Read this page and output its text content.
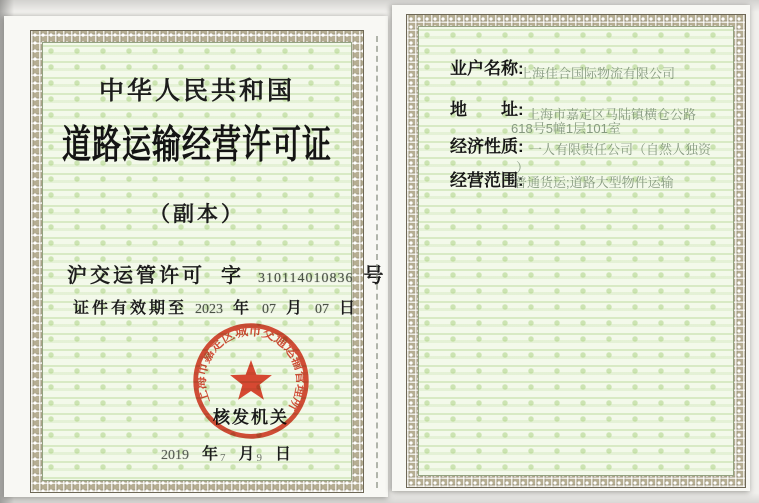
中华人民共和国
道路运输经营许可证
（副本）
沪交运管许可 字 310114010836 号
证件有效期至 2023 年 07 月 07 日
核发机关
2019 年 7 月 9 日
上海市嘉定区城市交通运输管理所
业户名称:
上海佳合国际物流有限公司
地　　址: 上海市嘉定区马陆镇横仓公路
618号5幢1层101室
经济性质: 一人有限责任公司（自然人独资
）
经营范围:
普通货运;道路大型物件运输
